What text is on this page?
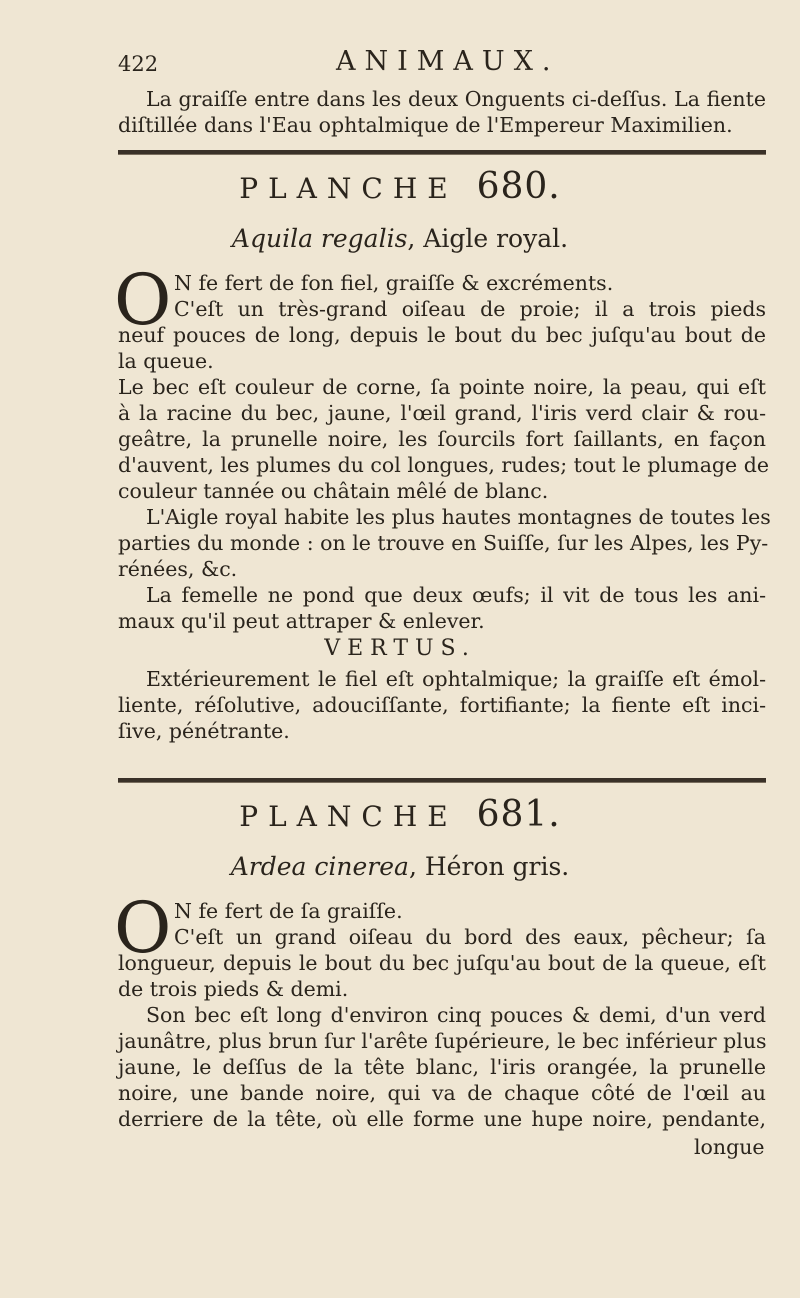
422	ANIMAUX.
La graiſſe entre dans les deux Onguents ci-deſſus. La fiente
diſtillée dans l'Eau ophtalmique de l'Empereur Maximilien.
PLANCHE 680.
Aquila regalis, Aigle royal.
O N fe fert de fon fiel, graiſſe & excréments.
C'eſt un très-grand oiſeau de proie; il a trois pieds
neuf pouces de long, depuis le bout du bec juſqu'au bout de
la queue.
Le bec eſt couleur de corne, ſa pointe noire, la peau, qui eſt
à la racine du bec, jaune, l'œil grand, l'iris verd clair & rou-
geâtre, la prunelle noire, les ſourcils fort ſaillants, en façon
d'auvent, les plumes du col longues, rudes; tout le plumage de
couleur tannée ou châtain mêlé de blanc.
L'Aigle royal habite les plus hautes montagnes de toutes les
parties du monde : on le trouve en Suiſſe, ſur les Alpes, les Py-
rénées, &c.
La femelle ne pond que deux œufs; il vit de tous les ani-
maux qu'il peut attraper & enlever.
VERTUS.
Extérieurement le fiel eſt ophtalmique; la graiſſe eſt émol-
liente, réſolutive, adouciſſante, fortifiante; la fiente eſt inci-
ſive, pénétrante.
PLANCHE 681.
Ardea cinerea, Héron gris.
O N fe fert de ſa graiſſe.
C'eſt un grand oiſeau du bord des eaux, pêcheur; ſa
longueur, depuis le bout du bec juſqu'au bout de la queue, eſt
de trois pieds & demi.
Son bec eſt long d'environ cinq pouces & demi, d'un verd
jaunâtre, plus brun ſur l'arête ſupérieure, le bec inférieur plus
jaune, le deſſus de la tête blanc, l'iris orangée, la prunelle
noire, une bande noire, qui va de chaque côté de l'œil au
derriere de la tête, où elle forme une hupe noire, pendante,
longue
